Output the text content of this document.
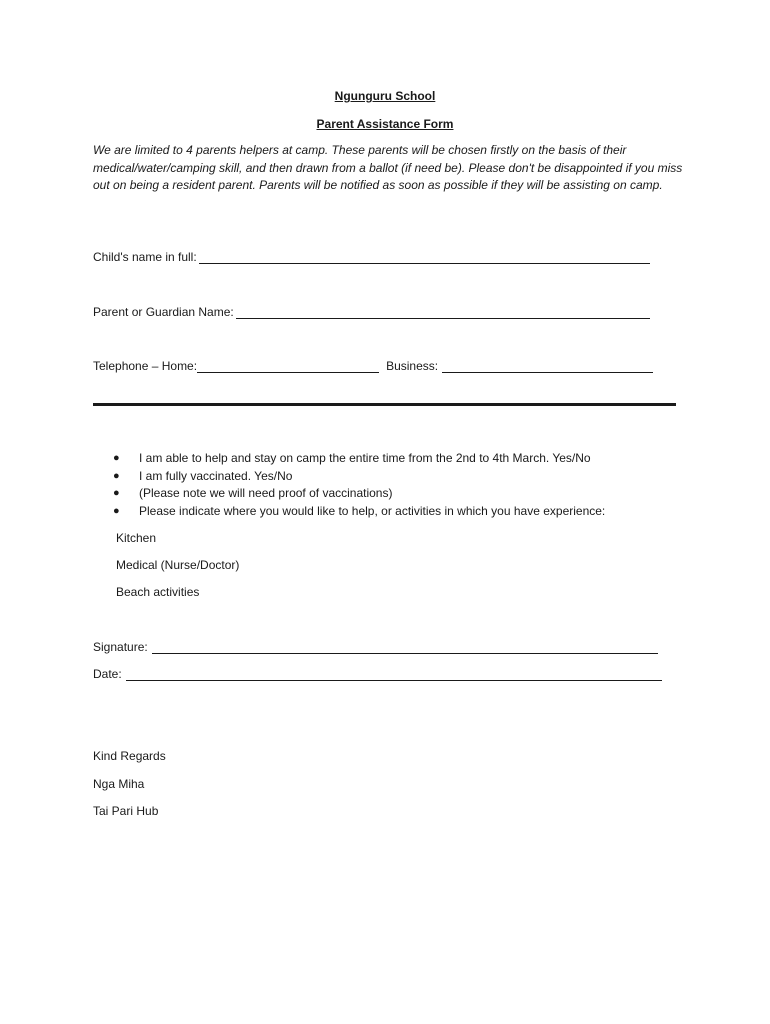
Ngunguru School
Parent Assistance Form
We are limited to 4 parents helpers at camp. These parents will be chosen firstly on the basis of their medical/water/camping skill, and then drawn from a ballot (if need be). Please don't be disappointed if you miss out on being a resident parent. Parents will be notified as soon as possible if they will be assisting on camp.
Child's name in full:
Parent or Guardian Name:
Telephone – Home:	Business:
●	I am able to help and stay on camp the entire time from the 2nd to 4th March. Yes/No
●	I am fully vaccinated. Yes/No
●	(Please note we will need proof of vaccinations)
●	Please indicate where you would like to help, or activities in which you have experience:
Kitchen
Medical (Nurse/Doctor)
Beach activities
Signature:
Date:
Kind Regards
Nga Miha
Tai Pari Hub
